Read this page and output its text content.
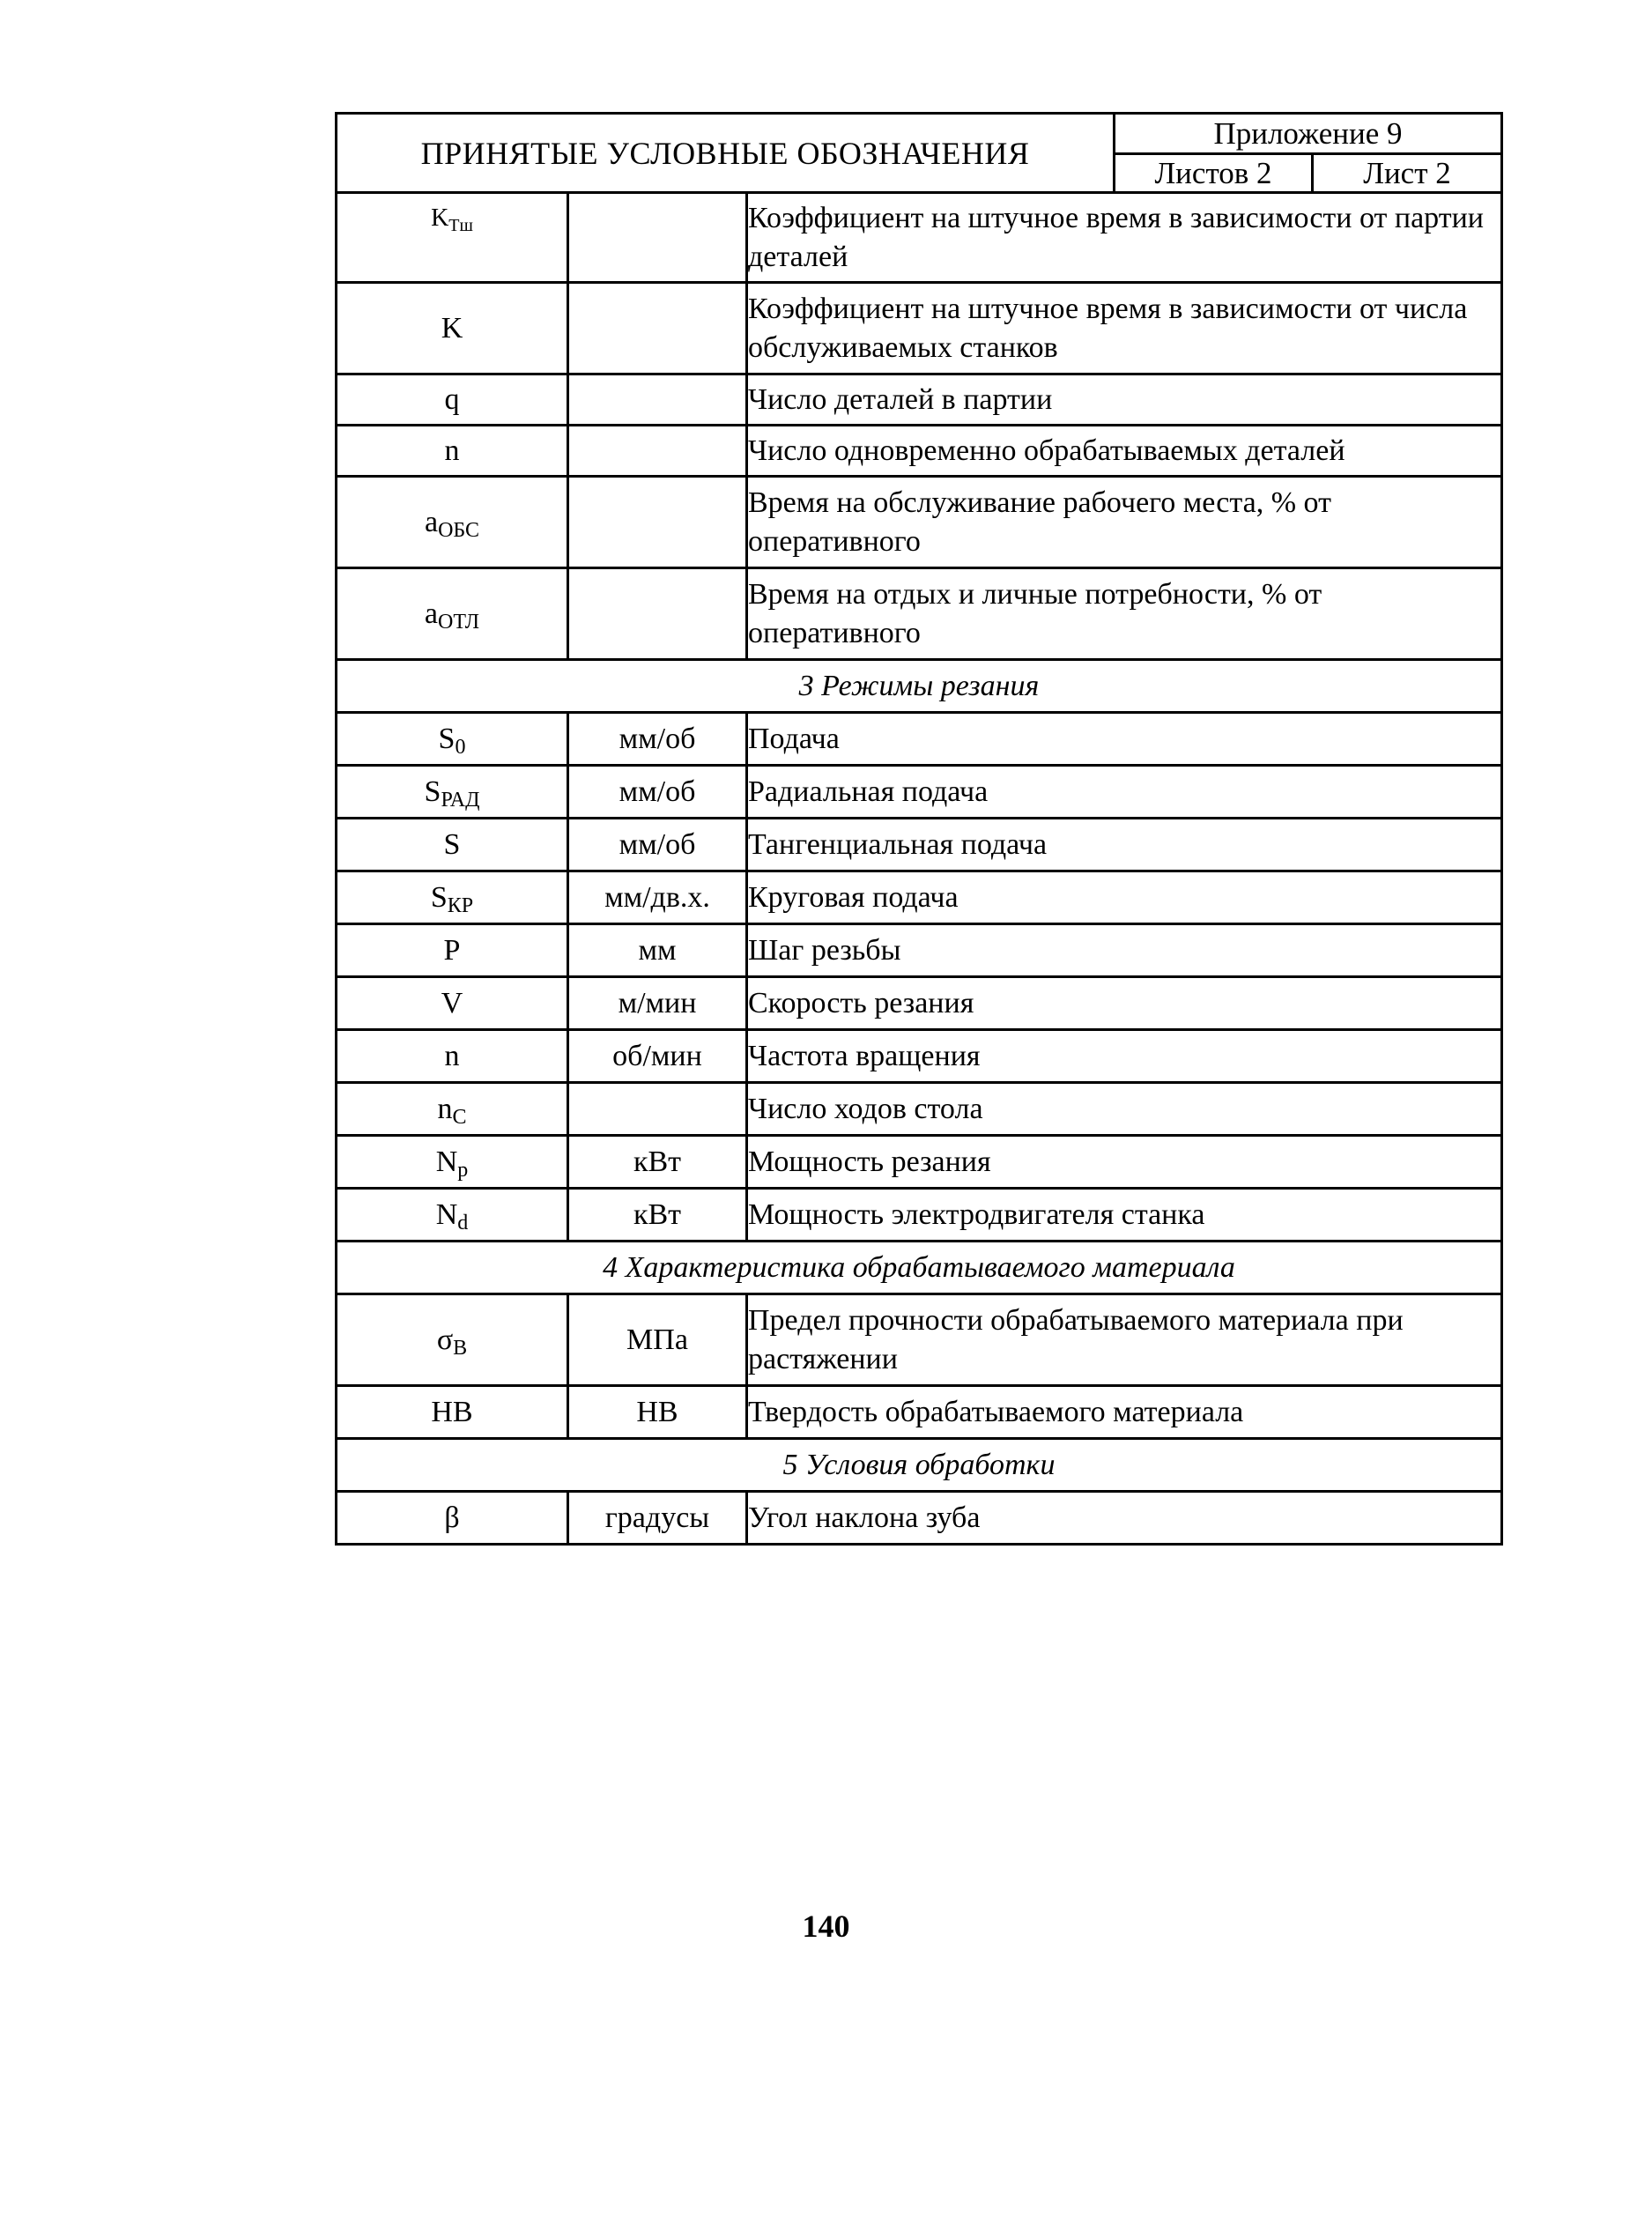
ПРИНЯТЫЕ УСЛОВНЫЕ ОБОЗНАЧЕНИЯ
Приложение 9
Листов 2	Лист 2
$K_{Тш}$		Коэффициент на штучное время в зависимости от партии деталей
K		Коэффициент на штучное время в зависимости от числа обслуживаемых станков
q		Число деталей в партии
n		Число одновременно обрабатываемых деталей
$a_{ОБС}$		Время на обслуживание рабочего места, % от оперативного
$a_{ОТЛ}$		Время на отдых и личные потребности, % от оперативного
3 Режимы резания		
$S_0$	мм/об	Подача
$S_{РАД}$	мм/об	Радиальная подача
S	мм/об	Тангенциальная подача
$S_{КР}$	мм/дв.х.	Круговая подача
P	мм	Шаг резьбы
V	м/мин	Скорость резания
n	об/мин	Частота вращения
$n_C$		Число ходов стола
$N_p$	кВт	Мощность резания
$N_d$	кВт	Мощность электродвигателя станка
4 Характеристика обрабатываемого материала		
$\sigma_B$	МПа	Предел прочности обрабатываемого материала при растяжении
HB	HB	Твердость обрабатываемого материала
5 Условия обработки		
β	градусы	Угол наклона зуба
140
